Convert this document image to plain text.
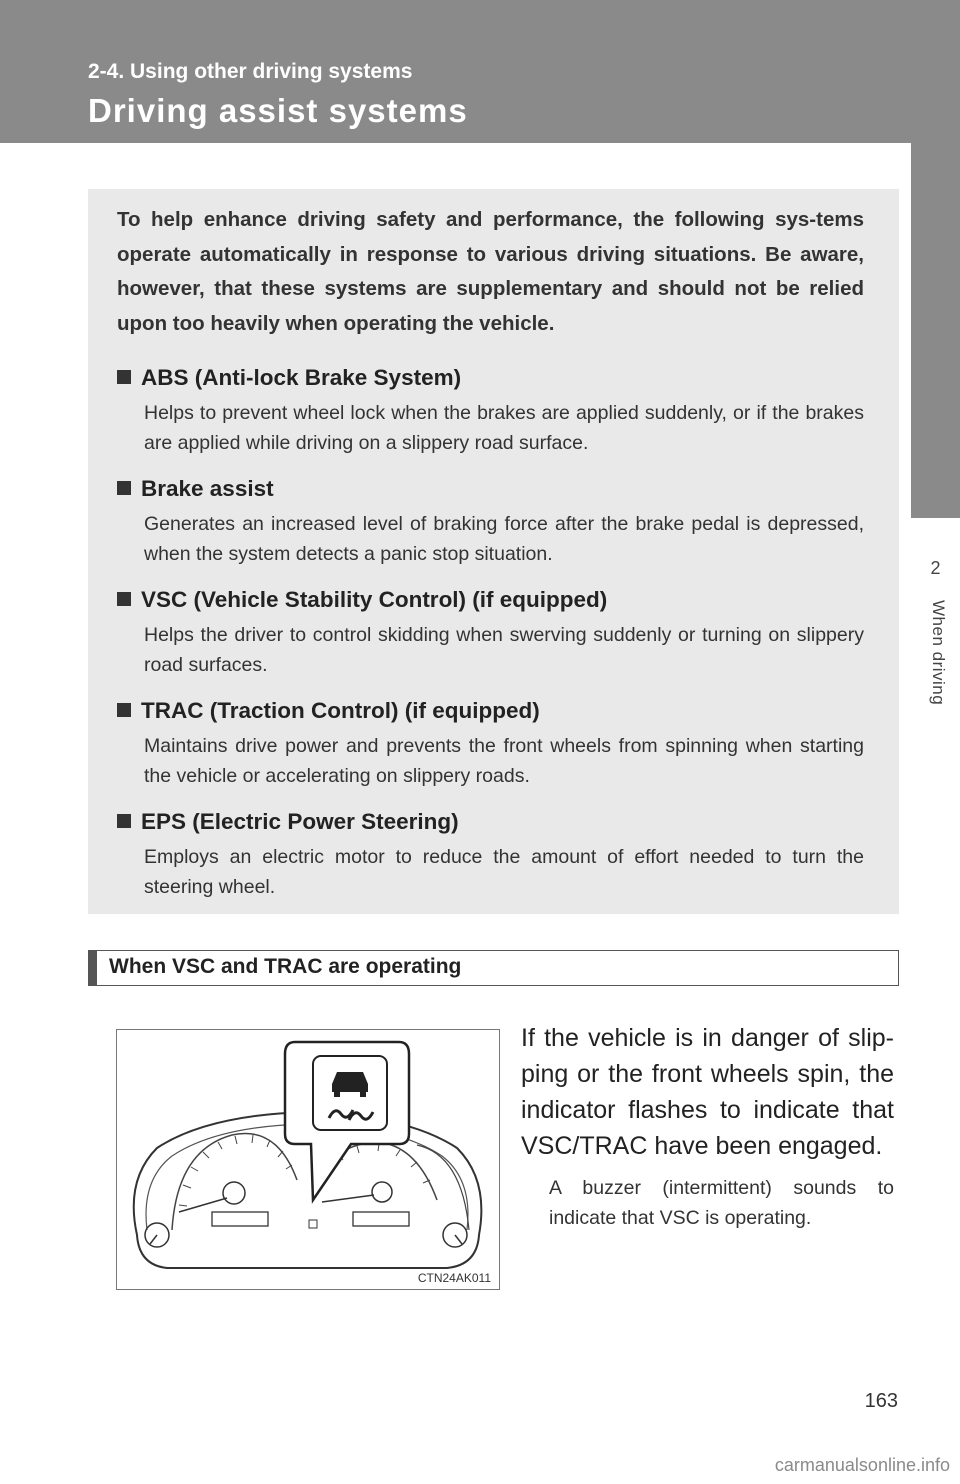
2-4. Using other driving systems
Driving assist systems
2
When driving

To help enhance driving safety and performance, the following sys-tems operate automatically in response to various driving situations. Be aware, however, that these systems are supplementary and should not be relied upon too heavily when operating the vehicle.

ABS (Anti-lock Brake System)

Helps to prevent wheel lock when the brakes are applied suddenly, or if the brakes are applied while driving on a slippery road surface.

Brake assist

Generates an increased level of braking force after the brake pedal is depressed, when the system detects a panic stop situation.

VSC (Vehicle Stability Control) (if equipped)

Helps the driver to control skidding when swerving suddenly or turning on slippery road surfaces.

TRAC (Traction Control) (if equipped)

Maintains drive power and prevents the front wheels from spinning when starting the vehicle or accelerating on slippery roads.

EPS (Electric Power Steering)

Employs an electric motor to reduce the amount of effort needed to turn the steering wheel.

When VSC and TRAC are operating
CTN24AK011

If the vehicle is in danger of slip-ping or the front wheels spin, the indicator flashes to indicate that VSC/TRAC have been engaged.

A buzzer (intermittent) sounds to indicate that VSC is operating.

163
carmanualsonline.info
